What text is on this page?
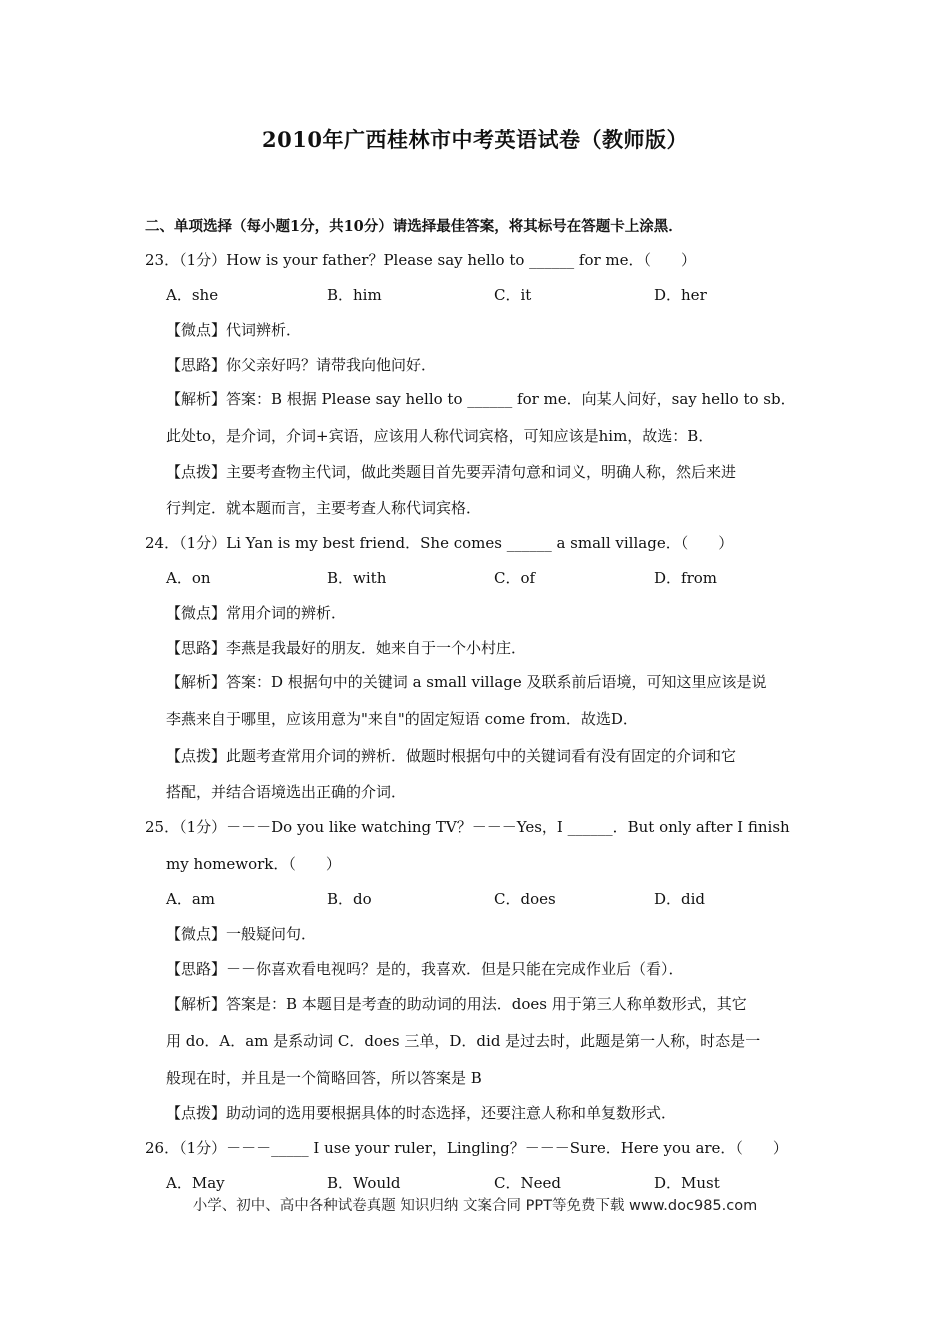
2010年广西桂林市中考英语试卷（教师版）

二、单项选择（每小题1分，共10分）请选择最佳答案，将其标号在答题卡上涂黑．

23．（1分）How is your father？Please say hello to ______ for me．（　　）
A．she	B．him	C．it	D．her
【微点】代词辨析．
【思路】你父亲好吗？请带我向他问好．
【解析】答案：B 根据 Please say hello to ______ for me．向某人问好，say hello to sb．
此处to，是介词，介词+宾语，应该用人称代词宾格，可知应该是him，故选：B．
【点拨】主要考查物主代词，做此类题目首先要弄清句意和词义，明确人称，然后来进
行判定．就本题而言，主要考查人称代词宾格．
24．（1分）Li Yan is my best friend．She comes ______ a small village．（　　）
A．on	B．with	C．of	D．from
【微点】常用介词的辨析．
【思路】李燕是我最好的朋友．她来自于一个小村庄．
【解析】答案：D 根据句中的关键词 a small village 及联系前后语境，可知这里应该是说
李燕来自于哪里，应该用意为"来自"的固定短语 come from．故选D．
【点拨】此题考查常用介词的辨析．做题时根据句中的关键词看有没有固定的介词和它
搭配，并结合语境选出正确的介词．
25．（1分）－－－Do you like watching TV？－－－Yes，I ______．But only after I finish
my homework．（　　）
A．am	B．do	C．does	D．did
【微点】一般疑问句．
【思路】－－你喜欢看电视吗？是的，我喜欢．但是只能在完成作业后（看）．
【解析】答案是：B 本题目是考查的助动词的用法．does 用于第三人称单数形式，其它
用 do．A．am 是系动词 C．does 三单，D．did 是过去时，此题是第一人称，时态是一
般现在时，并且是一个简略回答，所以答案是 B
【点拨】助动词的选用要根据具体的时态选择，还要注意人称和单复数形式．
26．（1分）－－－_____ I use your ruler，Lingling？－－－Sure．Here you are．（　　）
A．May	B．Would	C．Need	D．Must
小学、初中、高中各种试卷真题 知识归纳 文案合同 PPT等免费下载 www.doc985.com
